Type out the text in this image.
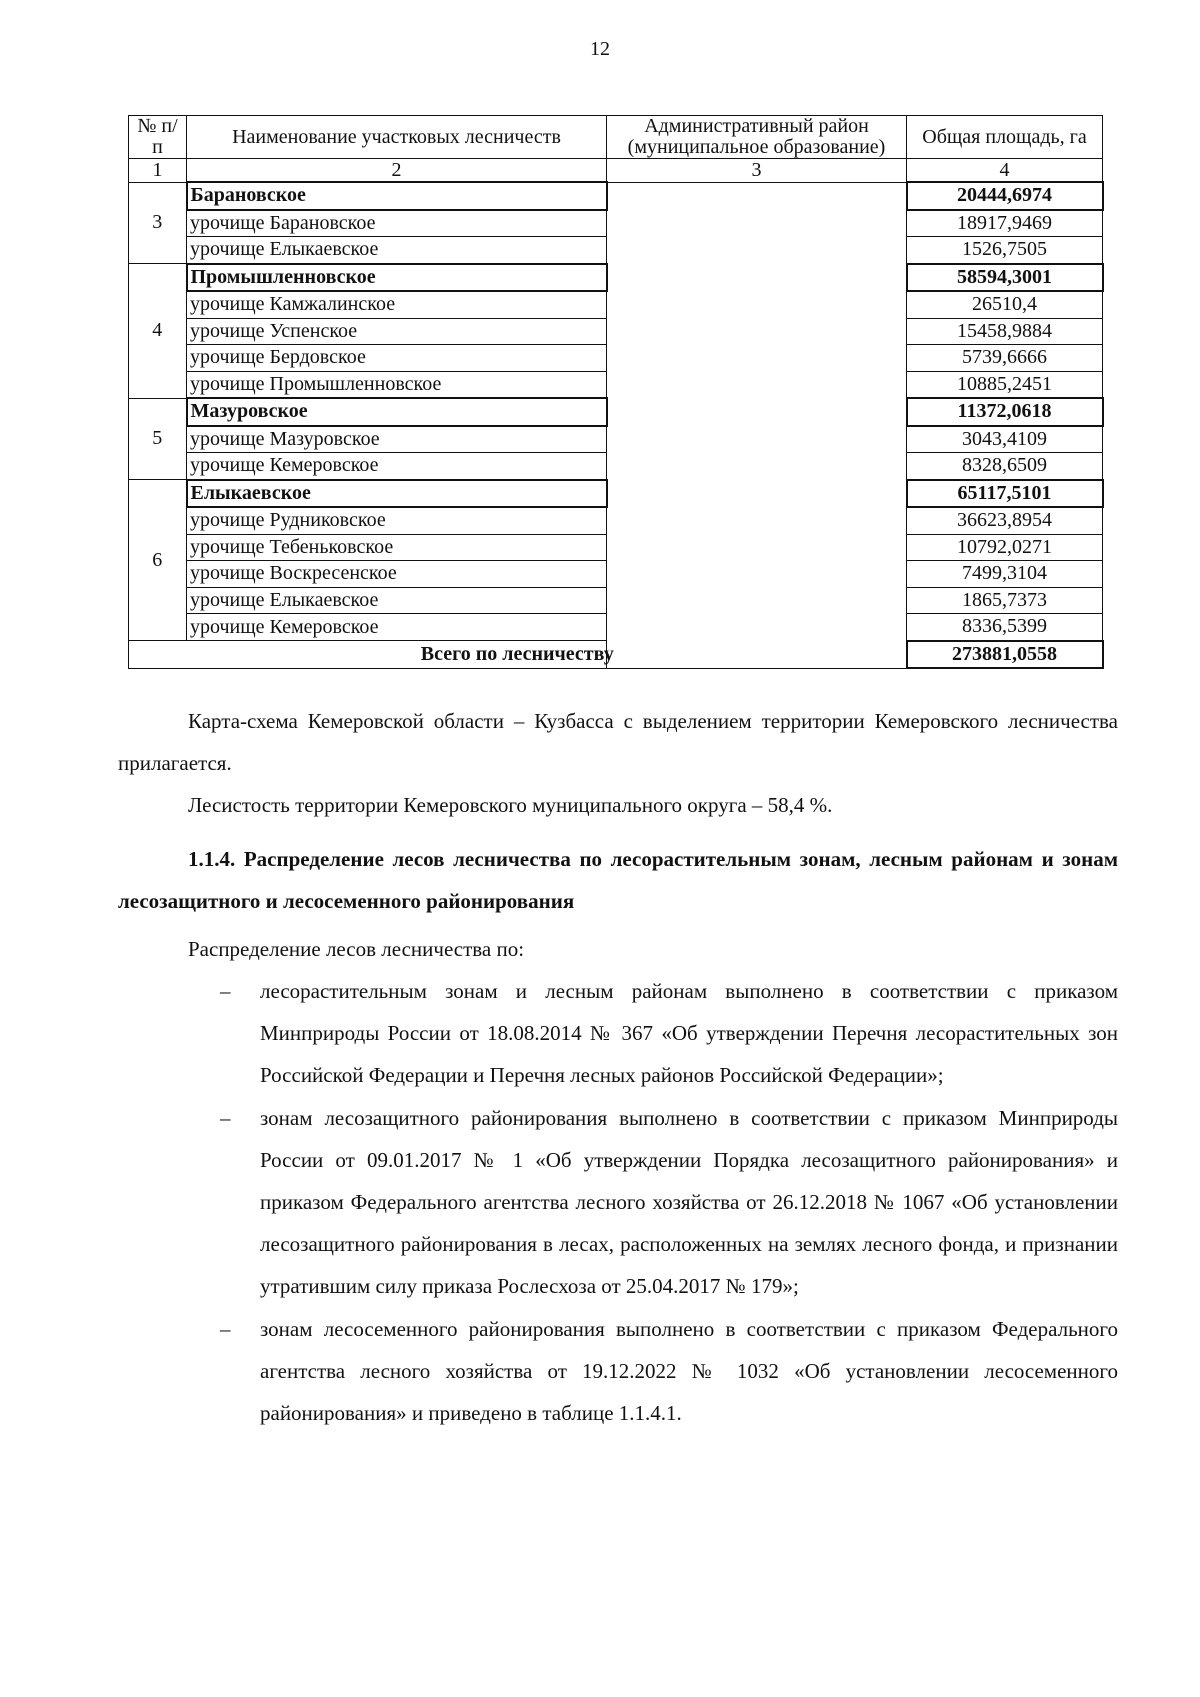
12
№ п/п	Наименование участковых лесничеств	Административный район (муниципальное образование)	Общая площадь, га
1	2	3	4
3	Барановское		20444,6974
	урочище Барановское		18917,9469
	урочище Елыкаевское		1526,7505
4	Промышленновское		58594,3001
	урочище Камжалинское		26510,4
	урочище Успенское		15458,9884
	урочище Бердовское		5739,6666
	урочище Промышленновское		10885,2451
5	Мазуровское		11372,0618
	урочище Мазуровское		3043,4109
	урочище Кемеровское		8328,6509
6	Елыкаевское		65117,5101
	урочище Рудниковское		36623,8954
	урочище Тебеньковское		10792,0271
	урочище Воскресенское		7499,3104
	урочище Елыкаевское		1865,7373
	урочище Кемеровское		8336,5399
Всего по лесничеству			273881,0558
Карта-схема Кемеровской области – Кузбасса с выделением территории Кемеровского лесничества прилагается.
Лесистость территории Кемеровского муниципального округа – 58,4 %.
1.1.4. Распределение лесов лесничества по лесорастительным зонам, лесным районам и зонам лесозащитного и лесосеменного районирования
Распределение лесов лесничества по:
– лесорастительным зонам и лесным районам выполнено в соответствии с приказом Минприроды России от 18.08.2014 № 367 «Об утверждении Перечня лесорастительных зон Российской Федерации и Перечня лесных районов Российской Федерации»;
– зонам лесозащитного районирования выполнено в соответствии с приказом Минприроды России от 09.01.2017 № 1 «Об утверждении Порядка лесозащитного районирования» и приказом Федерального агентства лесного хозяйства от 26.12.2018 № 1067 «Об установлении лесозащитного районирования в лесах, расположенных на землях лесного фонда, и признании утратившим силу приказа Рослесхоза от 25.04.2017 № 179»;
– зонам лесосеменного районирования выполнено в соответствии с приказом Федерального агентства лесного хозяйства от 19.12.2022 № 1032 «Об установлении лесосеменного районирования» и приведено в таблице 1.1.4.1.
